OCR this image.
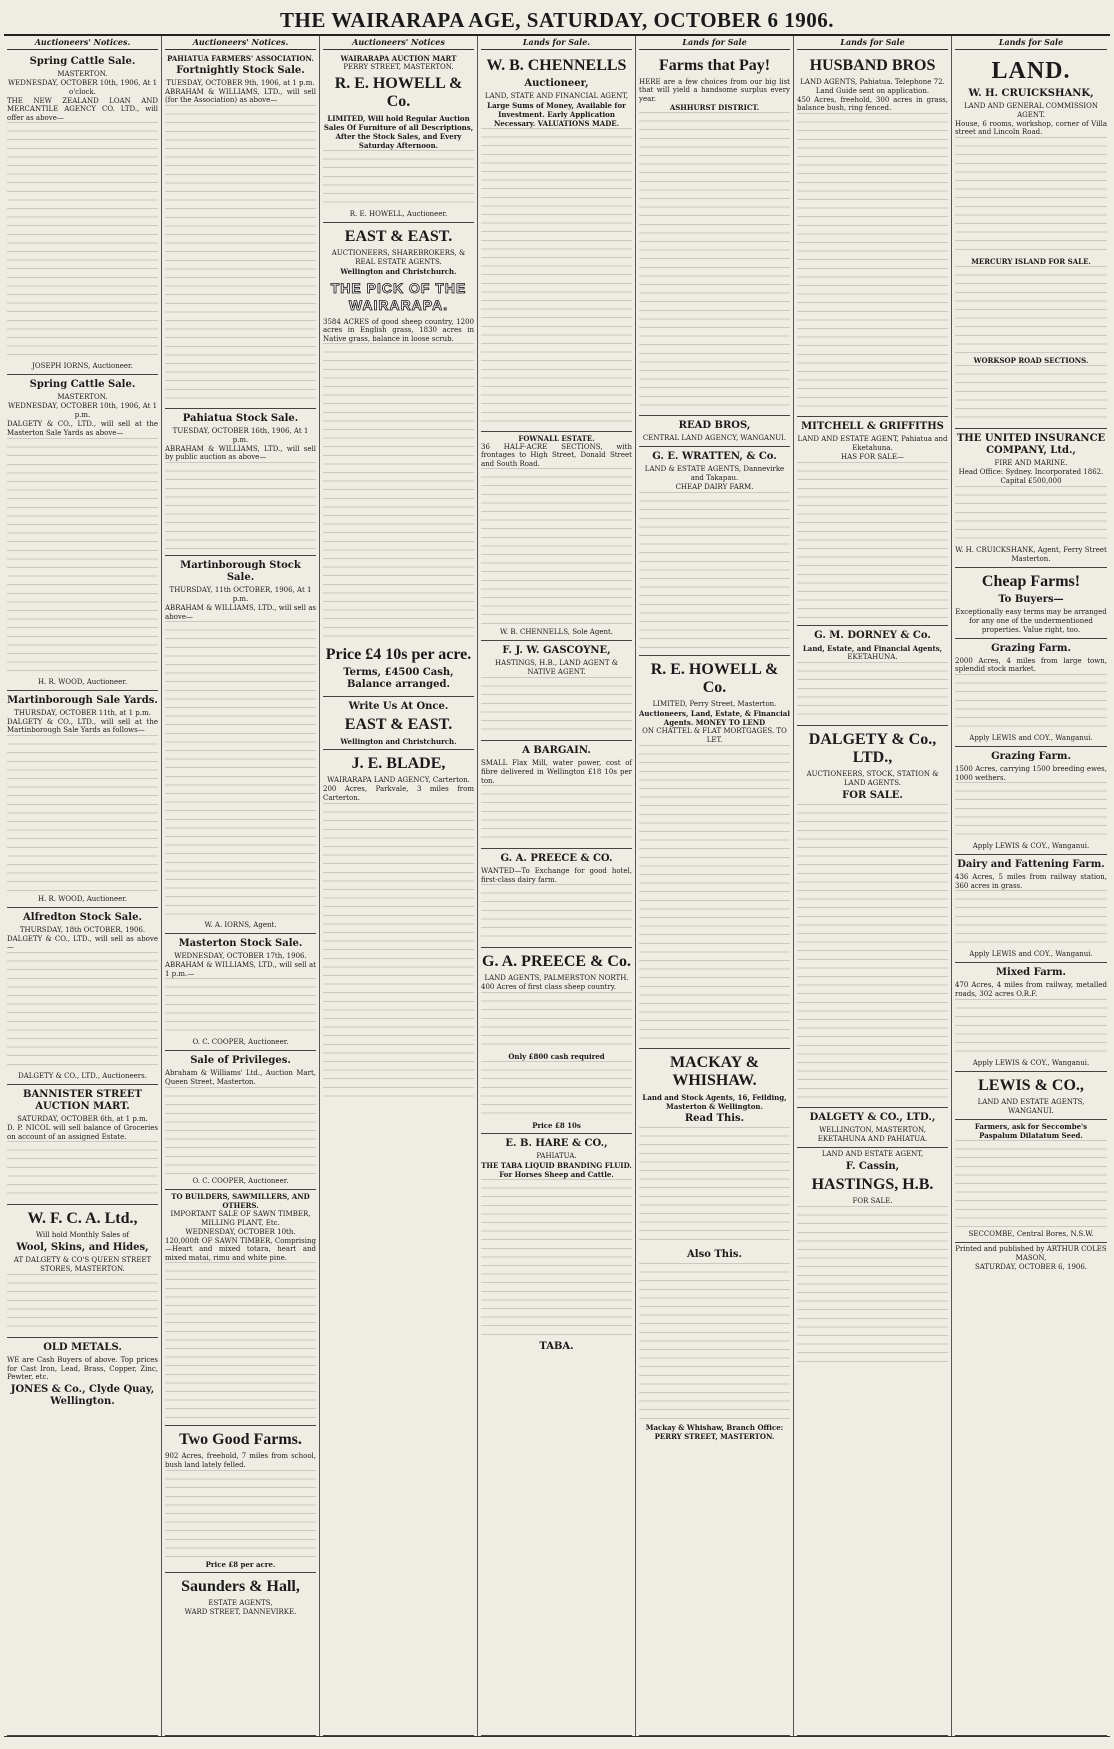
THE WAIRARAPA AGE, SATURDAY, OCTOBER 6 1906.
Auctioneers' Notices.
Spring Cattle Sale.
MASTERTON.
WEDNESDAY, OCTOBER 10th, 1906, At 1 o'clock.
THE NEW ZEALAND LOAN AND MERCANTILE AGENCY CO. LTD., will offer as above—
JOSEPH IORNS, Auctioneer.
Spring Cattle Sale.
MASTERTON.
WEDNESDAY, OCTOBER 10th, 1906, At 1 p.m.
DALGETY & CO., LTD., will sell at the Masterton Sale Yards as above—
H. R. WOOD, Auctioneer.
Martinborough Sale Yards.
THURSDAY, OCTOBER 11th, at 1 p.m.
DALGETY & CO., LTD., will sell at the Martinborough Sale Yards as follows—
H. R. WOOD, Auctioneer.
Alfredton Stock Sale.
THURSDAY, 18th OCTOBER, 1906.
DALGETY & CO., LTD., will sell as above—
DALGETY & CO., LTD., Auctioneers.
BANNISTER STREET AUCTION MART.
SATURDAY, OCTOBER 6th, at 1 p.m.
D. P. NICOL will sell balance of Groceries on account of an assigned Estate.
W. F. C. A. Ltd.,
Will hold Monthly Sales of
Wool, Skins, and Hides,
AT DALGETY & CO'S QUEEN STREET STORES, MASTERTON.
OLD METALS.
WE are Cash Buyers of above. Top prices for Cast Iron, Lead, Brass, Copper, Zinc, Pewter, etc.
JONES & Co., Clyde Quay, Wellington.
Auctioneers' Notices.
PAHIATUA FARMERS' ASSOCIATION.
Fortnightly Stock Sale.
TUESDAY, OCTOBER 9th, 1906, at 1 p.m.
ABRAHAM & WILLIAMS, LTD., will sell (for the Association) as above—
Pahiatua Stock Sale.
TUESDAY, OCTOBER 16th, 1906, At 1 p.m.
ABRAHAM & WILLIAMS, LTD., will sell by public auction as above—
Martinborough Stock Sale.
THURSDAY, 11th OCTOBER, 1906, At 1 p.m.
ABRAHAM & WILLIAMS, LTD., will sell as above—
W. A. IORNS, Agent.
Masterton Stock Sale.
WEDNESDAY, OCTOBER 17th, 1906.
ABRAHAM & WILLIAMS, LTD., will sell at 1 p.m.—
O. C. COOPER, Auctioneer.
Sale of Privileges.
Abraham & Williams' Ltd., Auction Mart, Queen Street, Masterton.
O. C. COOPER, Auctioneer.
TO BUILDERS, SAWMILLERS, AND OTHERS.
IMPORTANT SALE OF SAWN TIMBER, MILLING PLANT, Etc.
WEDNESDAY, OCTOBER 10th.
120,000ft OF SAWN TIMBER, Comprising—Heart and mixed totara, heart and mixed matai, rimu and white pine.
Two Good Farms.
902 Acres, freehold, 7 miles from school, bush land lately felled.
Price £8 per acre.
Saunders & Hall,
ESTATE AGENTS,
WARD STREET, DANNEVIRKE.
Auctioneers' Notices
WAIRARAPA AUCTION MART
PERRY STREET, MASTERTON.
R. E. HOWELL & Co.
LIMITED, Will hold Regular Auction Sales Of Furniture of all Descriptions, After the Stock Sales, and Every Saturday Afternoon.
R. E. HOWELL, Auctioneer.
EAST & EAST.
AUCTIONEERS, SHAREBROKERS, & REAL ESTATE AGENTS.
Wellington and Christchurch.
THE PICK OF THE WAIRARAPA.
3584 ACRES of good sheep country, 1200 acres in English grass, 1830 acres in Native grass, balance in loose scrub.
Price £4 10s per acre.
Terms, £4500 Cash, Balance arranged.
Write Us At Once.
EAST & EAST.
Wellington and Christchurch.
J. E. BLADE,
WAIRARAPA LAND AGENCY, Carterton.
200 Acres, Parkvale, 3 miles from Carterton.
Lands for Sale.
W. B. CHENNELLS
Auctioneer,
LAND, STATE AND FINANCIAL AGENT,
Large Sums of Money, Available for Investment. Early Application Necessary. VALUATIONS MADE.
FOWNALL ESTATE.
36 HALF-ACRE SECTIONS, with frontages to High Street, Donald Street and South Road.
W. B. CHENNELLS, Sole Agent.
F. J. W. GASCOYNE,
HASTINGS, H.B., LAND AGENT & NATIVE AGENT.
A BARGAIN.
SMALL Flax Mill, water power, cost of fibre delivered in Wellington £18 10s per ton.
G. A. PREECE & CO.
WANTED—To Exchange for good hotel, first-class dairy farm.
G. A. PREECE & Co.
LAND AGENTS, PALMERSTON NORTH.
400 Acres of first class sheep country.
Only £800 cash required
Price £8 10s
E. B. HARE & CO.,
PAHIATUA.
THE TABA LIQUID BRANDING FLUID. For Horses Sheep and Cattle.
TABA.
Lands for Sale
Farms that Pay!
HERE are a few choices from our big list that will yield a handsome surplus every year.
ASHHURST DISTRICT.
READ BROS,
CENTRAL LAND AGENCY, WANGANUI.
G. E. WRATTEN, & Co.
LAND & ESTATE AGENTS, Dannevirke and Takapau.
CHEAP DAIRY FARM.
R. E. HOWELL & Co.
LIMITED, Perry Street, Masterton.
Auctioneers, Land, Estate, & Financial Agents. MONEY TO LEND
ON CHATTEL & FLAT MORTGAGES. TO LET.
MACKAY & WHISHAW.
Land and Stock Agents, 16, Feilding, Masterton & Wellington.
Read This.
Also This.
Mackay & Whishaw, Branch Office: PERRY STREET, MASTERTON.
Lands for Sale
HUSBAND BROS
LAND AGENTS, Pahiatua. Telephone 72. Land Guide sent on application.
450 Acres, freehold, 300 acres in grass, balance bush, ring fenced.
MITCHELL & GRIFFITHS
LAND AND ESTATE AGENT, Pahiatua and Eketahuna.
HAS FOR SALE—
G. M. DORNEY & Co.
Land, Estate, and Financial Agents,
EKETAHUNA.
DALGETY & Co., LTD.,
AUCTIONEERS, STOCK, STATION & LAND AGENTS.
FOR SALE.
DALGETY & CO., LTD.,
WELLINGTON, MASTERTON, EKETAHUNA AND PAHIATUA.
LAND AND ESTATE AGENT,
F. Cassin,
HASTINGS, H.B.
FOR SALE.
Lands for Sale
LAND.
W. H. CRUICKSHANK,
LAND AND GENERAL COMMISSION AGENT.
House, 6 rooms, workshop, corner of Villa street and Lincoln Road.
MERCURY ISLAND FOR SALE.
WORKSOP ROAD SECTIONS.
THE UNITED INSURANCE COMPANY, Ltd.,
FIRE AND MARINE.
Head Office: Sydney. Incorporated 1862. Capital £500,000
W. H. CRUICKSHANK, Agent, Ferry Street Masterton.
Cheap Farms!
To Buyers—
Exceptionally easy terms may be arranged for any one of the undermentioned properties. Value right, too.
Grazing Farm.
2000 Acres, 4 miles from large town, splendid stock market.
Apply LEWIS and COY., Wanganui.
Grazing Farm.
1500 Acres, carrying 1500 breeding ewes, 1000 wethers.
Apply LEWIS & COY., Wanganui.
Dairy and Fattening Farm.
436 Acres, 5 miles from railway station, 360 acres in grass.
Apply LEWIS and COY., Wanganui.
Mixed Farm.
470 Acres, 4 miles from railway, metalled roads, 302 acres O.R.F.
Apply LEWIS & COY., Wanganui.
LEWIS & CO.,
LAND AND ESTATE AGENTS, WANGANUI.
Farmers, ask for Seccombe's Paspalum Dilatatum Seed.
SECCOMBE, Central Bores, N.S.W.
Printed and published by ARTHUR COLES MASON,
SATURDAY, OCTOBER 6, 1906.
